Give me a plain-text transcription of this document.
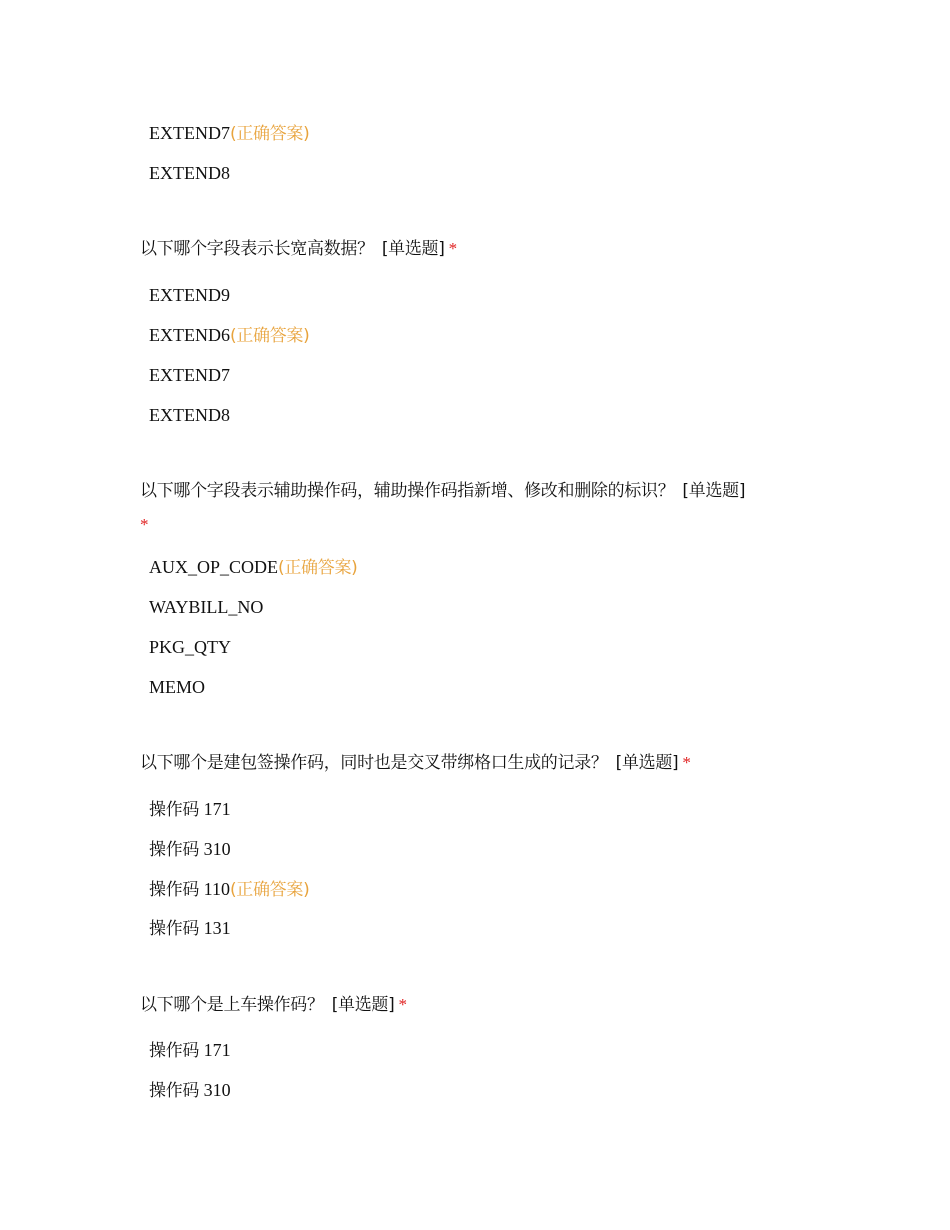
EXTEND7(正确答案)
EXTEND8
以下哪个字段表示长宽高数据？ [单选题] *
EXTEND9
EXTEND6(正确答案)
EXTEND7
EXTEND8
以下哪个字段表示辅助操作码，辅助操作码指新增、修改和删除的标识？ [单选题]
*
AUX_OP_CODE(正确答案)
WAYBILL_NO
PKG_QTY
MEMO
以下哪个是建包签操作码，同时也是交叉带绑格口生成的记录？ [单选题] *
操作码 171
操作码 310
操作码 110(正确答案)
操作码 131
以下哪个是上车操作码？ [单选题] *
操作码 171
操作码 310
